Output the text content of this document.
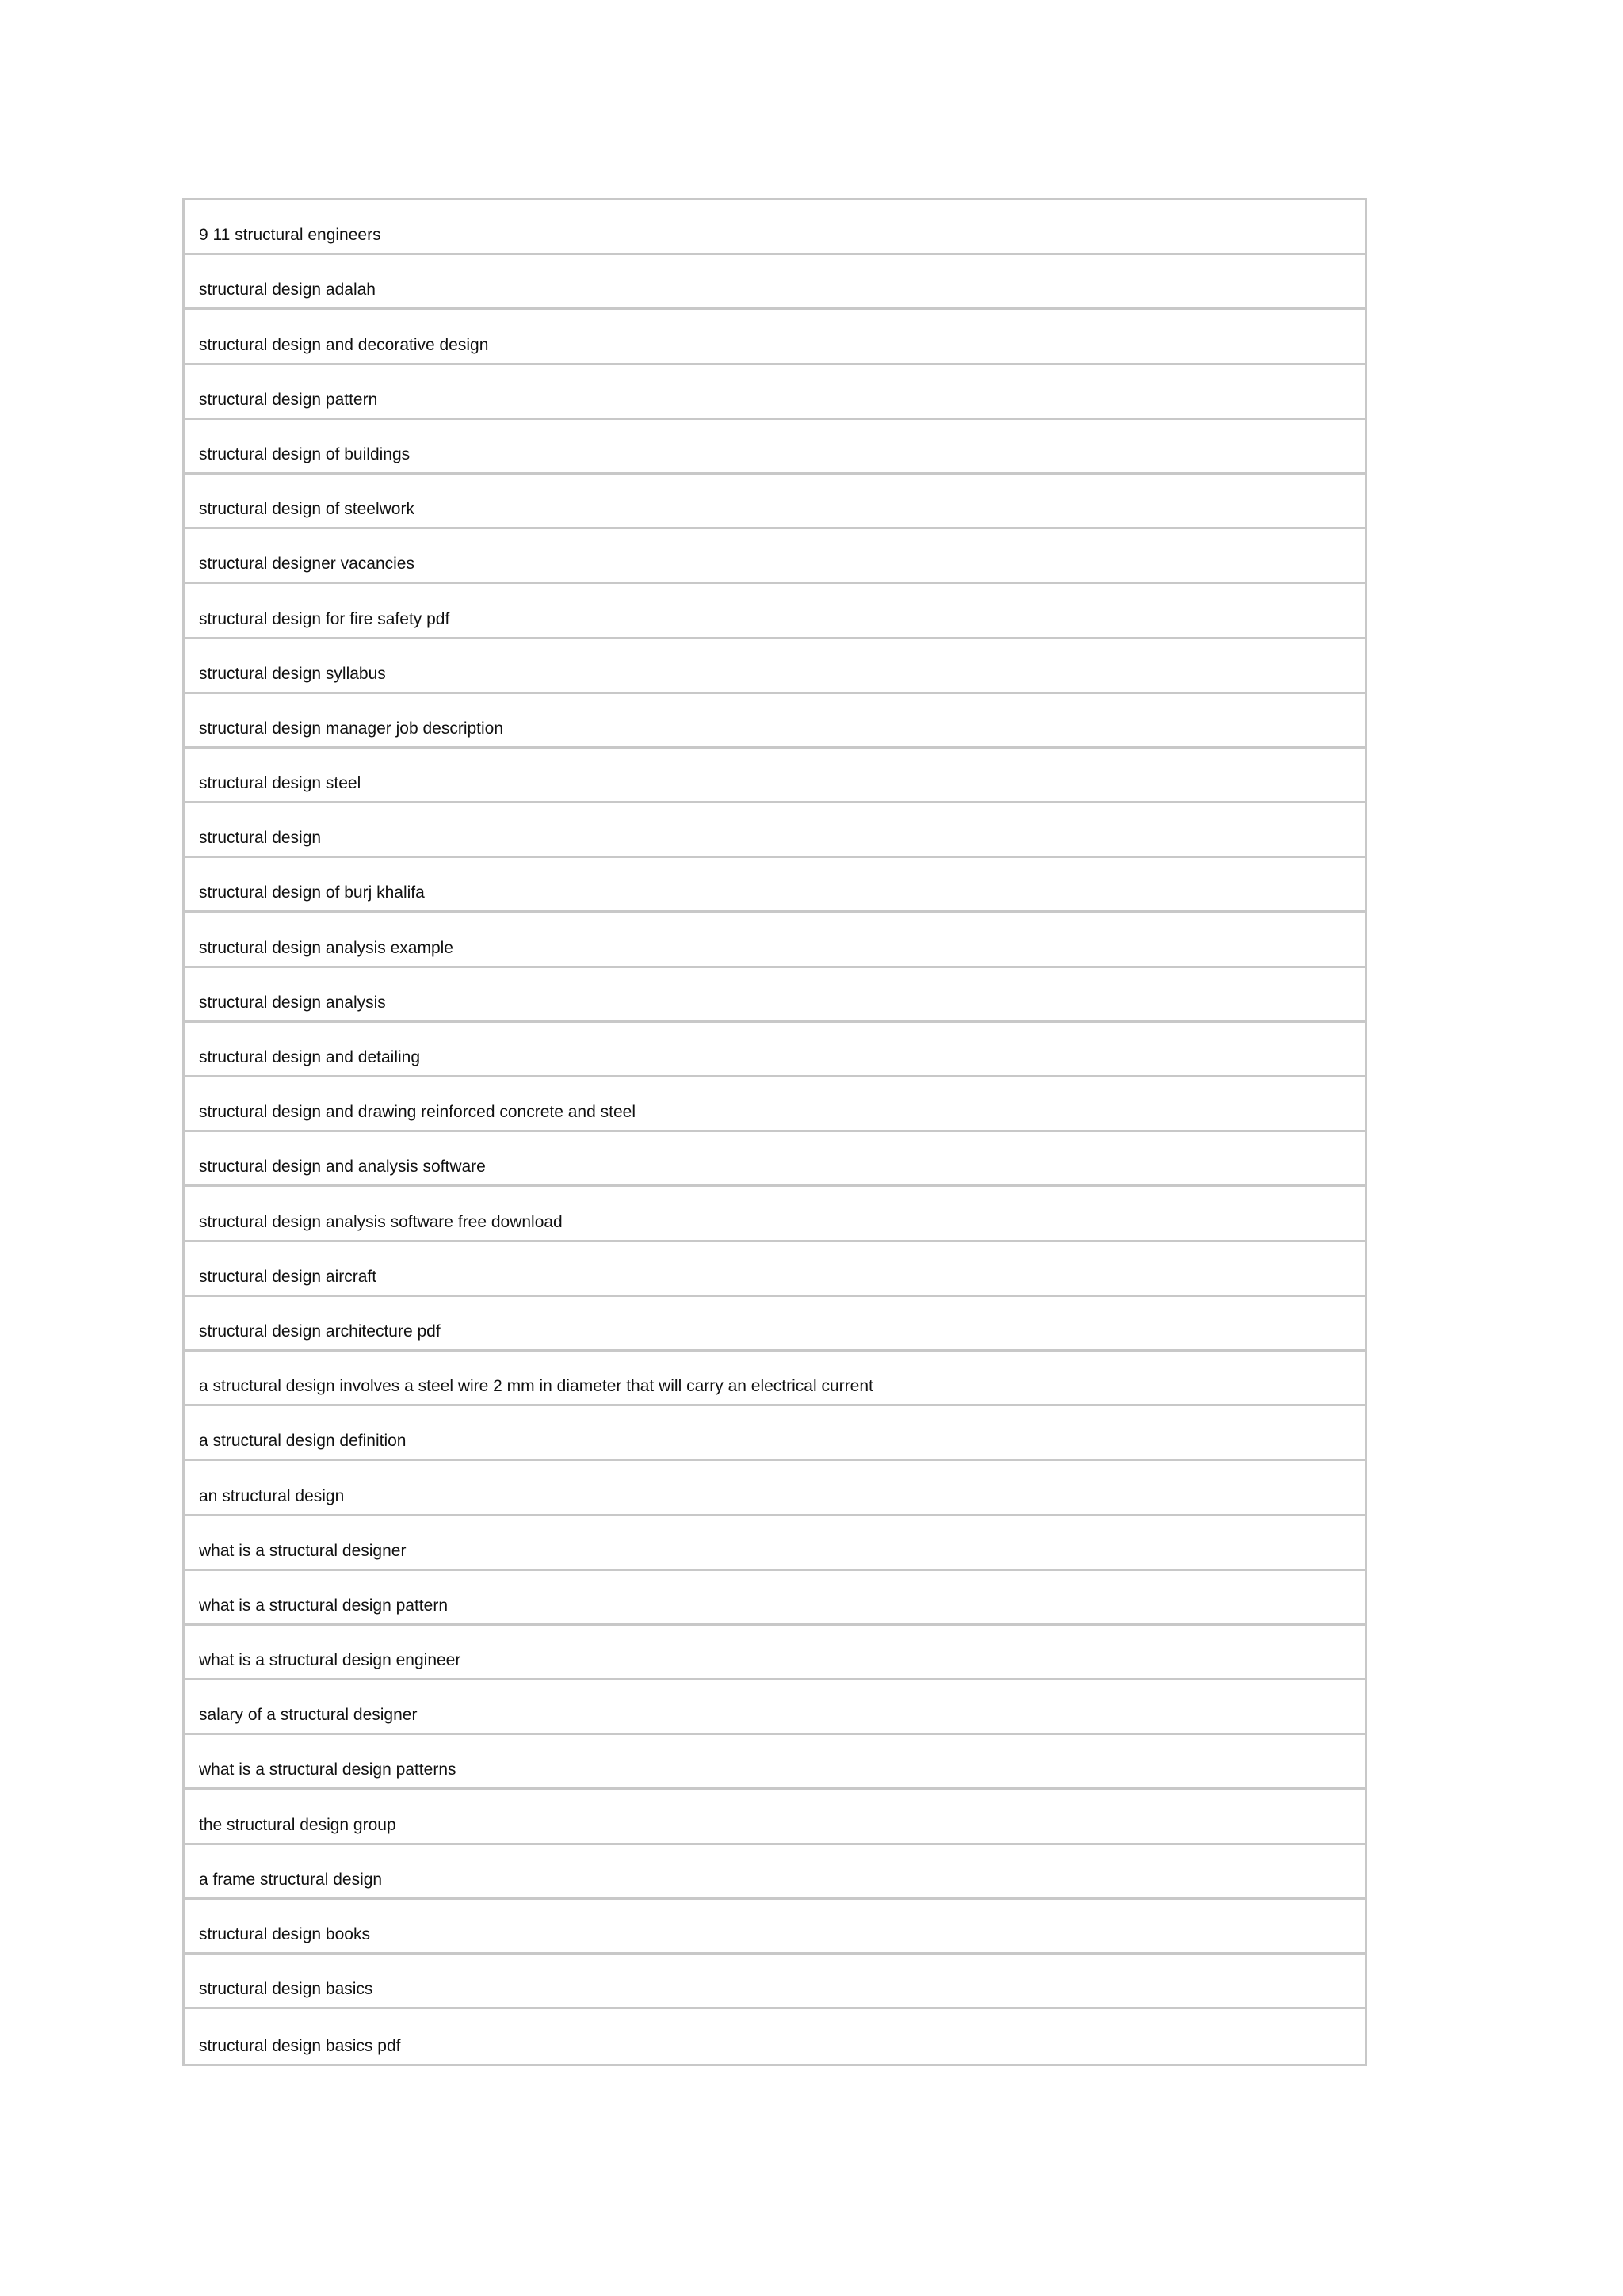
9 11 structural engineers
structural design adalah
structural design and decorative design
structural design pattern
structural design of buildings
structural design of steelwork
structural designer vacancies
structural design for fire safety pdf
structural design syllabus
structural design manager job description
structural design steel
structural design
structural design of burj khalifa
structural design analysis example
structural design analysis
structural design and detailing
structural design and drawing reinforced concrete and steel
structural design and analysis software
structural design analysis software free download
structural design aircraft
structural design architecture pdf
a structural design involves a steel wire 2 mm in diameter that will carry an electrical current
a structural design definition
an structural design
what is a structural designer
what is a structural design pattern
what is a structural design engineer
salary of a structural designer
what is a structural design patterns
the structural design group
a frame structural design
structural design books
structural design basics
structural design basics pdf
